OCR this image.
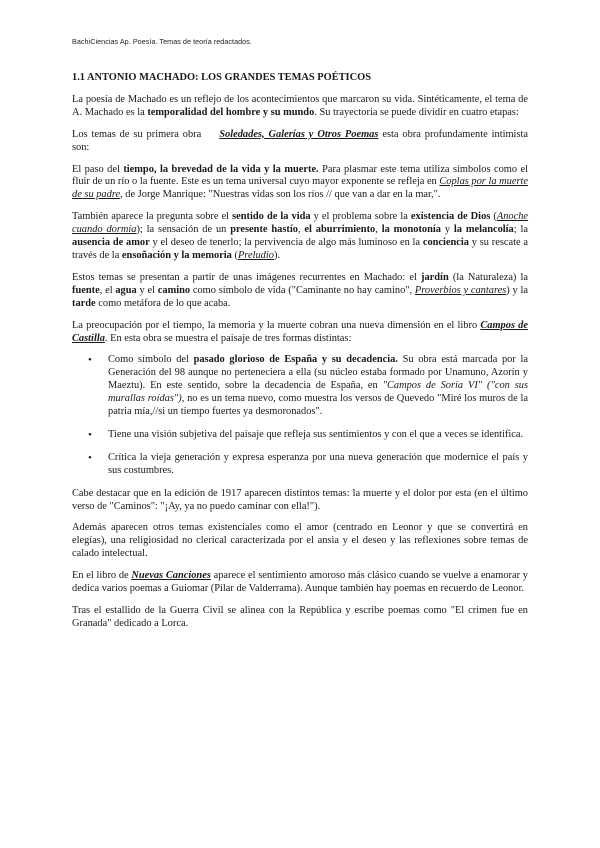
BachiCiencias Ap. Poesía. Temas de teoría redactados.
1.1 ANTONIO MACHADO: LOS GRANDES TEMAS POÉTICOS

La poesía de Machado es un reflejo de los acontecimientos que marcaron su vida. Sintéticamente, el tema de A. Machado es la temporalidad del hombre y su mundo. Su trayectoria se puede dividir en cuatro etapas:

Los temas de su primera obra Soledades, Galerías y Otros Poemas esta obra profundamente intimista son:

El paso del tiempo, la brevedad de la vida y la muerte. Para plasmar este tema utiliza símbolos como el fluir de un río o la fuente. Este es un tema universal cuyo mayor exponente se refleja en Coplas por la muerte de su padre, de Jorge Manrique: "Nuestras vidas son los ríos // que van a dar en la mar,".

También aparece la pregunta sobre el sentido de la vida y el problema sobre la existencia de Dios (Anoche cuando dormía); la sensación de un presente hastío, el aburrimiento, la monotonía y la melancolía; la ausencia de amor y el deseo de tenerlo; la pervivencia de algo más luminoso en la conciencia y su rescate a través de la ensoñación y la memoria (Preludio).

Estos temas se presentan a partir de unas imágenes recurrentes en Machado: el jardín (la Naturaleza) la fuente, el agua y el camino como símbolo de vida ("Caminante no hay camino", Proverbios y cantares) y la tarde como metáfora de lo que acaba.

La preocupación por el tiempo, la memoria y la muerte cobran una nueva dimensión en el libro Campos de Castilla. En esta obra se muestra el paisaje de tres formas distintas:

• Como símbolo del pasado glorioso de España y su decadencia. Su obra está marcada por la Generación del 98 aunque no perteneciera a ella (su núcleo estaba formado por Unamuno, Azorín y Maeztu). En este sentido, sobre la decadencia de España, en "Campos de Soria VI" ("con sus murallas roídas"), no es un tema nuevo, como muestra los versos de Quevedo "Miré los muros de la patria mía,//si un tiempo fuertes ya desmoronados".
• Tiene una visión subjetiva del paisaje que refleja sus sentimientos y con el que a veces se identifica.
• Crítica la vieja generación y expresa esperanza por una nueva generación que modernice el país y sus costumbres.

Cabe destacar que en la edición de 1917 aparecen distintos temas: la muerte y el dolor por esta (en el último verso de "Caminos": "¡Ay, ya no puedo caminar con ella!").

Además aparecen otros temas existenciales como el amor (centrado en Leonor y que se convertirá en elegías), una religiosidad no clerical caracterizada por el ansia y el deseo y las reflexiones sobre temas de calado intelectual.

En el libro de Nuevas Canciones aparece el sentimiento amoroso más clásico cuando se vuelve a enamorar y dedica varios poemas a Guiomar (Pilar de Valderrama). Aunque también hay poemas en recuerdo de Leonor.

Tras el estallido de la Guerra Civil se alinea con la República y escribe poemas como "El crimen fue en Granada" dedicado a Lorca.
